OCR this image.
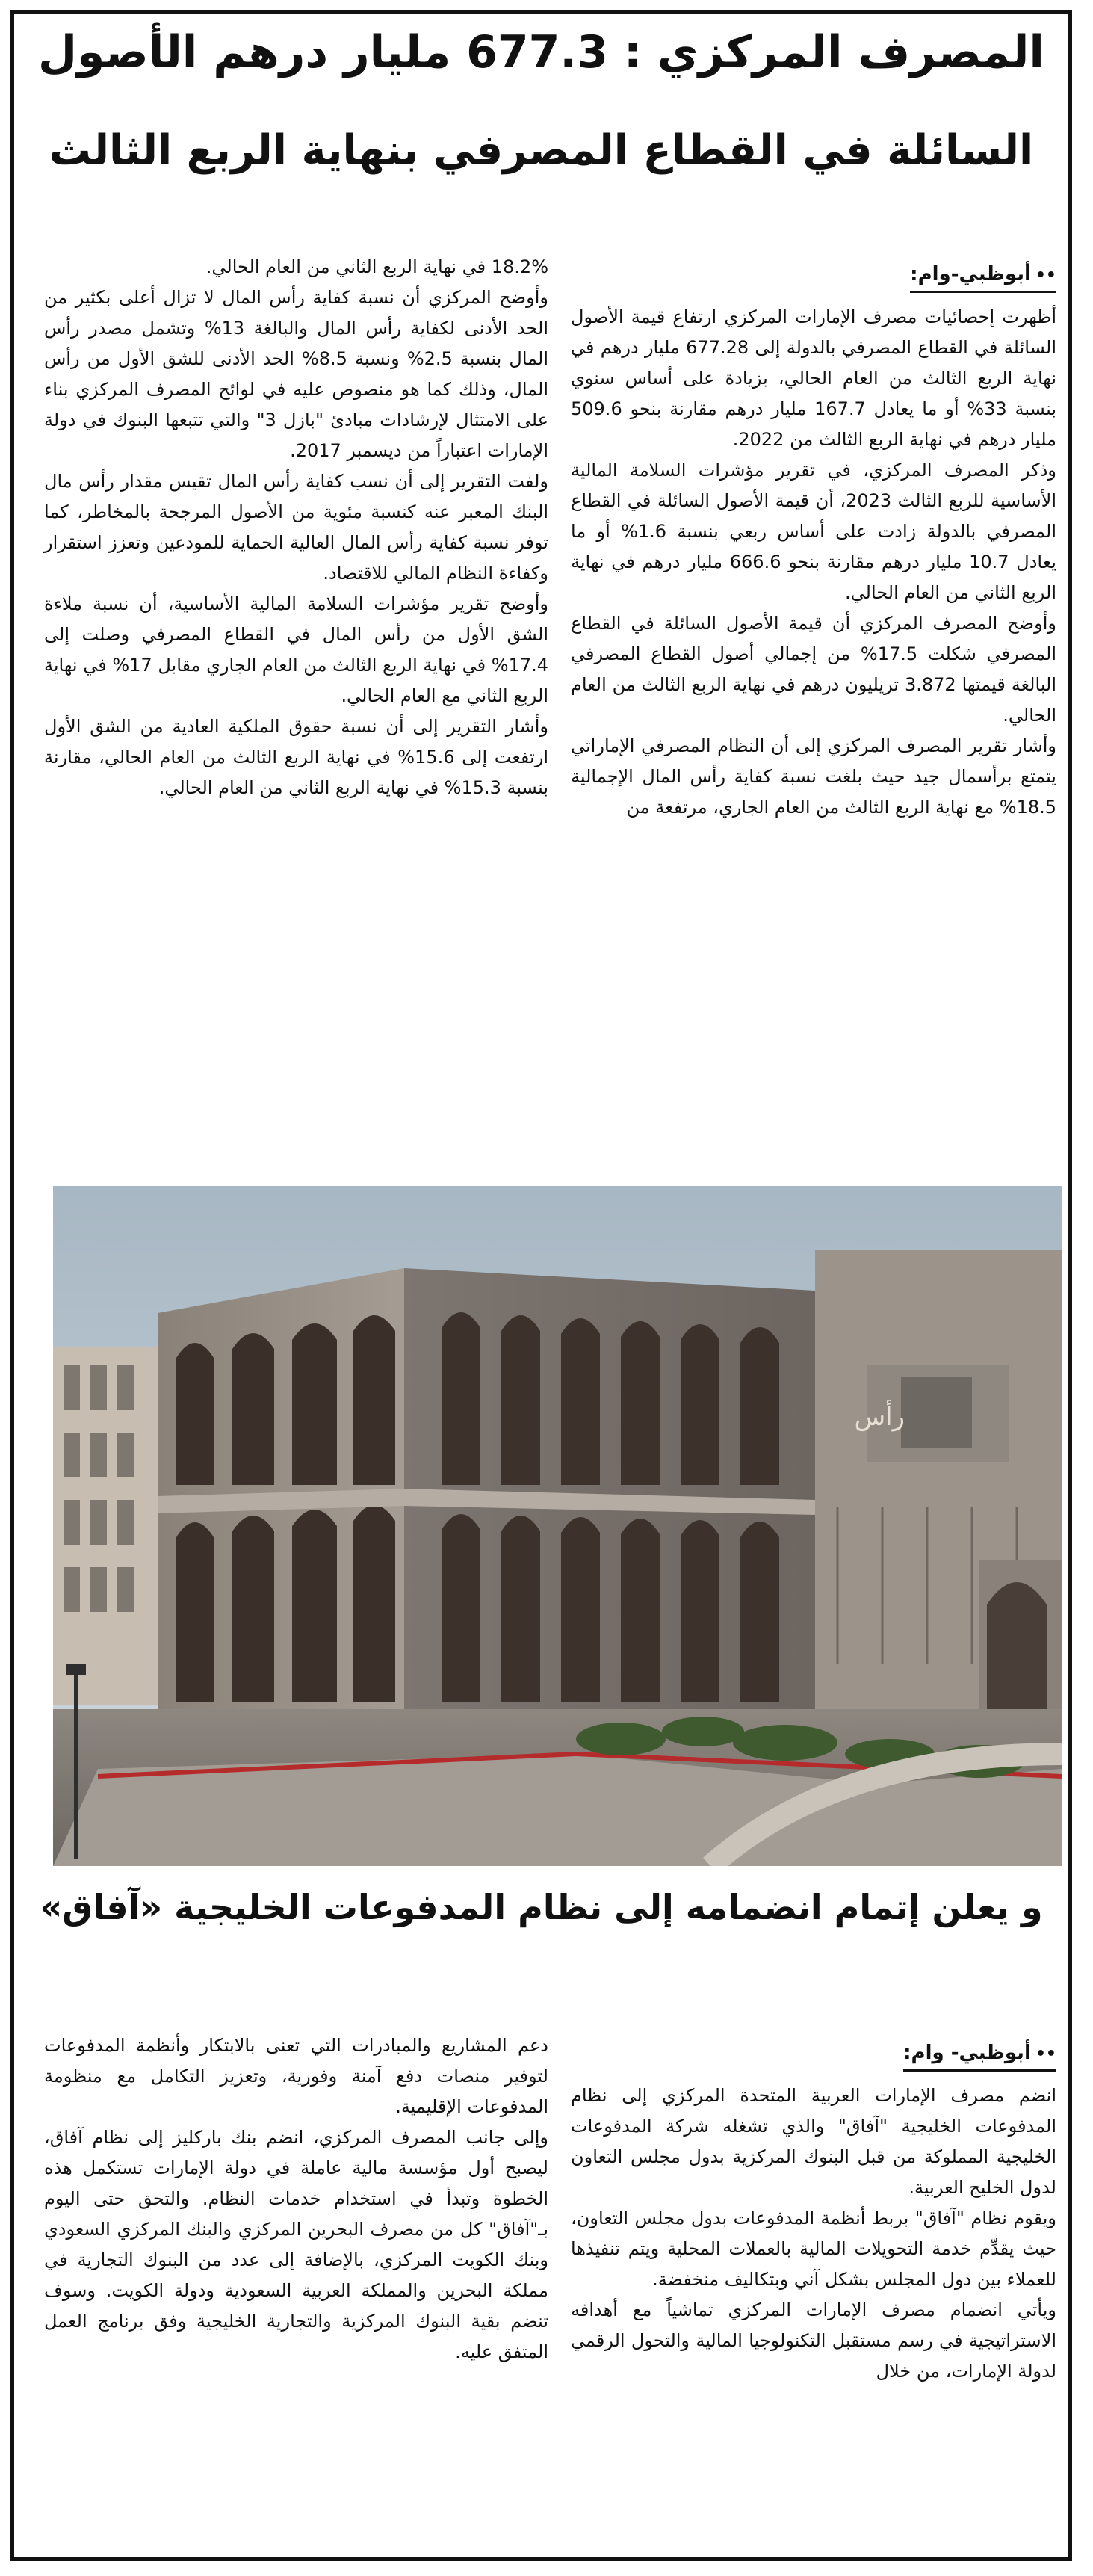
المصرف المركزي : 677.3 مليار درهم الأصول
السائلة في القطاع المصرفي بنهاية الربع الثالث
••أبوظبي-وام:

أظهرت إحصائيات مصرف الإمارات المركزي ارتفاع قيمة الأصول السائلة في القطاع المصرفي بالدولة إلى 677.28 مليار درهم في نهاية الربع الثالث من العام الحالي، بزيادة على أساس سنوي بنسبة 33% أو ما يعادل 167.7 مليار درهم مقارنة بنحو 509.6 مليار درهم في نهاية الربع الثالث من 2022.

وذكر المصرف المركزي، في تقرير مؤشرات السلامة المالية الأساسية للربع الثالث 2023، أن قيمة الأصول السائلة في القطاع المصرفي بالدولة زادت على أساس ربعي بنسبة 1.6% أو ما يعادل 10.7 مليار درهم مقارنة بنحو 666.6 مليار درهم في نهاية الربع الثاني من العام الحالي.

وأوضح المصرف المركزي أن قيمة الأصول السائلة في القطاع المصرفي شكلت 17.5% من إجمالي أصول القطاع المصرفي البالغة قيمتها 3.872 تريليون درهم في نهاية الربع الثالث من العام الحالي.

وأشار تقرير المصرف المركزي إلى أن النظام المصرفي الإماراتي يتمتع برأسمال جيد حيث بلغت نسبة كفاية رأس المال الإجمالية 18.5% مع نهاية الربع الثالث من العام الجاري، مرتفعة من

18.2% في نهاية الربع الثاني من العام الحالي.

وأوضح المركزي أن نسبة كفاية رأس المال لا تزال أعلى بكثير من الحد الأدنى لكفاية رأس المال والبالغة 13% وتشمل مصدر رأس المال بنسبة 2.5% ونسبة 8.5% الحد الأدنى للشق الأول من رأس المال، وذلك كما هو منصوص عليه في لوائح المصرف المركزي بناء على الامتثال لإرشادات مبادئ "بازل 3" والتي تتبعها البنوك في دولة الإمارات اعتباراً من ديسمبر 2017.

ولفت التقرير إلى أن نسب كفاية رأس المال تقيس مقدار رأس مال البنك المعبر عنه كنسبة مئوية من الأصول المرجحة بالمخاطر، كما توفر نسبة كفاية رأس المال العالية الحماية للمودعين وتعزز استقرار وكفاءة النظام المالي للاقتصاد.

وأوضح تقرير مؤشرات السلامة المالية الأساسية، أن نسبة ملاءة الشق الأول من رأس المال في القطاع المصرفي وصلت إلى 17.4% في نهاية الربع الثالث من العام الجاري مقابل 17% في نهاية الربع الثاني مع العام الحالي.

وأشار التقرير إلى أن نسبة حقوق الملكية العادية من الشق الأول ارتفعت إلى 15.6% في نهاية الربع الثالث من العام الحالي، مقارنة بنسبة 15.3% في نهاية الربع الثاني من العام الحالي.

رأس
و يعلن إتمام انضمامه إلى نظام المدفوعات الخليجية «آفاق»
••أبوظبي- وام:

انضم مصرف الإمارات العربية المتحدة المركزي إلى نظام المدفوعات الخليجية "آفاق" والذي تشغله شركة المدفوعات الخليجية المملوكة من قبل البنوك المركزية بدول مجلس التعاون لدول الخليج العربية.

ويقوم نظام "آفاق" بربط أنظمة المدفوعات بدول مجلس التعاون، حيث يقدِّم خدمة التحويلات المالية بالعملات المحلية ويتم تنفيذها للعملاء بين دول المجلس بشكل آني وبتكاليف منخفضة.

ويأتي انضمام مصرف الإمارات المركزي تماشياً مع أهدافه الاستراتيجية في رسم مستقبل التكنولوجيا المالية والتحول الرقمي لدولة الإمارات، من خلال

دعم المشاريع والمبادرات التي تعنى بالابتكار وأنظمة المدفوعات لتوفير منصات دفع آمنة وفورية، وتعزيز التكامل مع منظومة المدفوعات الإقليمية.

وإلى جانب المصرف المركزي، انضم بنك باركليز إلى نظام آفاق، ليصبح أول مؤسسة مالية عاملة في دولة الإمارات تستكمل هذه الخطوة وتبدأ في استخدام خدمات النظام. والتحق حتى اليوم بـ"آفاق" كل من مصرف البحرين المركزي والبنك المركزي السعودي وبنك الكويت المركزي، بالإضافة إلى عدد من البنوك التجارية في مملكة البحرين والمملكة العربية السعودية ودولة الكويت. وسوف تنضم بقية البنوك المركزية والتجارية الخليجية وفق برنامج العمل المتفق عليه.
